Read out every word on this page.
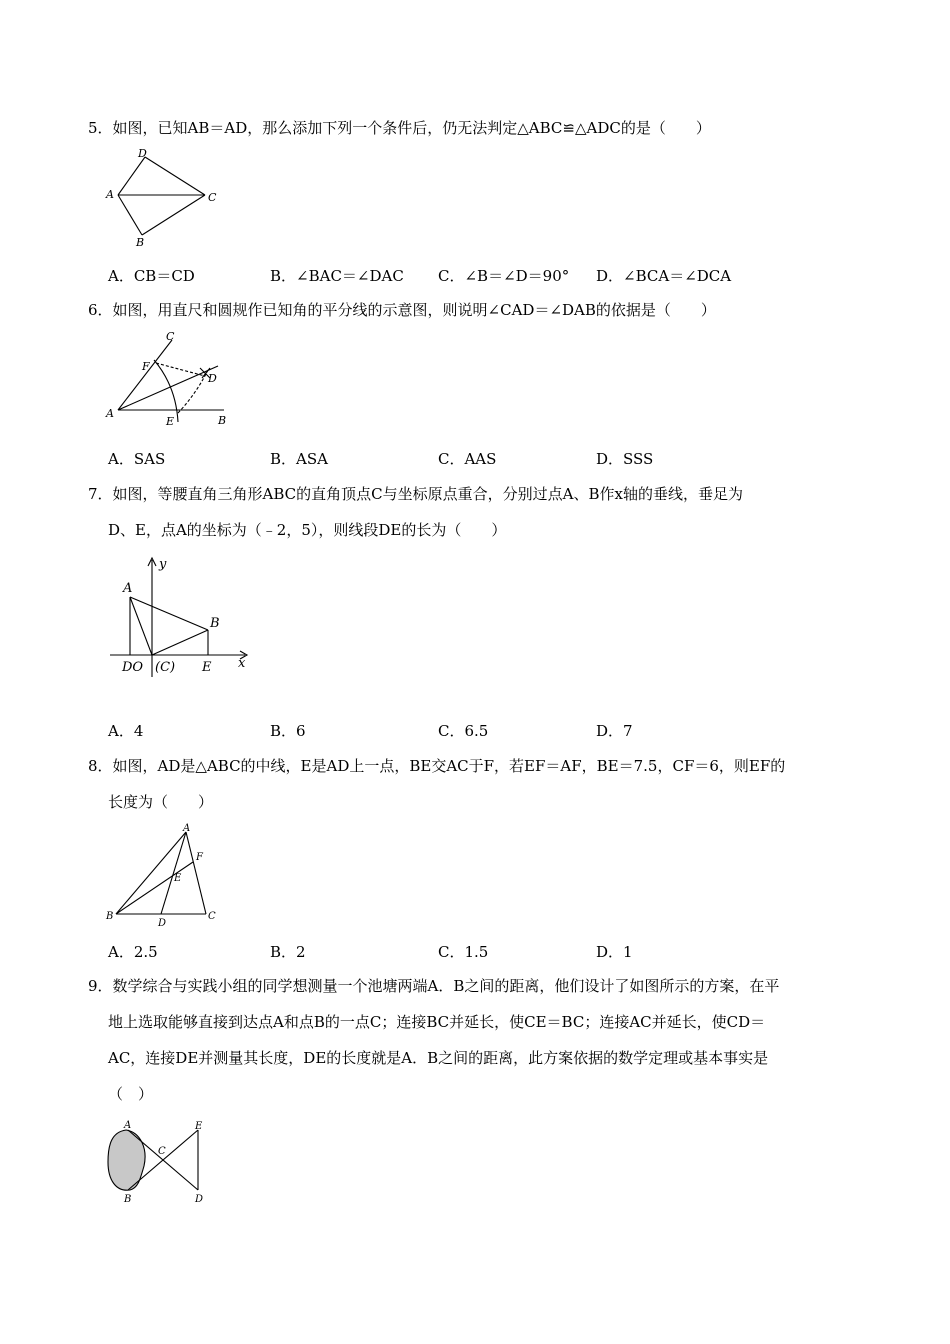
5．如图，已知AB＝AD，那么添加下列一个条件后，仍无法判定△ABC≌△ADC的是（　　）

D
A	C
B
A．CB＝CD	B．∠BAC＝∠DAC C．∠B＝∠D＝90° D．∠BCA＝∠DCA

6．如图，用直尺和圆规作已知角的平分线的示意图，则说明∠CAD＝∠DAB的依据是（　　）

C
F
D
A
E	B
A．SAS	B．ASA	C．AAS	D．SSS

7．如图，等腰直角三角形ABC的直角顶点C与坐标原点重合，分别过点A、B作x轴的垂线，垂足为

D、E，点A的坐标为（﹣2，5），则线段DE的长为（　　）

y
A
B
DO (C) E x
A．4	B．6	C．6.5	D．7

8．如图，AD是△ABC的中线，E是AD上一点，BE交AC于F，若EF＝AF，BE＝7.5，CF＝6，则EF的

长度为（　　）

A
F
E
B
D
C
A．2.5	B．2	C．1.5	D．1

9．数学综合与实践小组的同学想测量一个池塘两端A．B之间的距离，他们设计了如图所示的方案，在平

地上选取能够直接到达点A和点B的一点C；连接BC并延长，使CE＝BC；连接AC并延长，使CD＝

AC，连接DE并测量其长度，DE的长度就是A．B之间的距离，此方案依据的数学定理或基本事实是

（　）

A	E
C
B	D
